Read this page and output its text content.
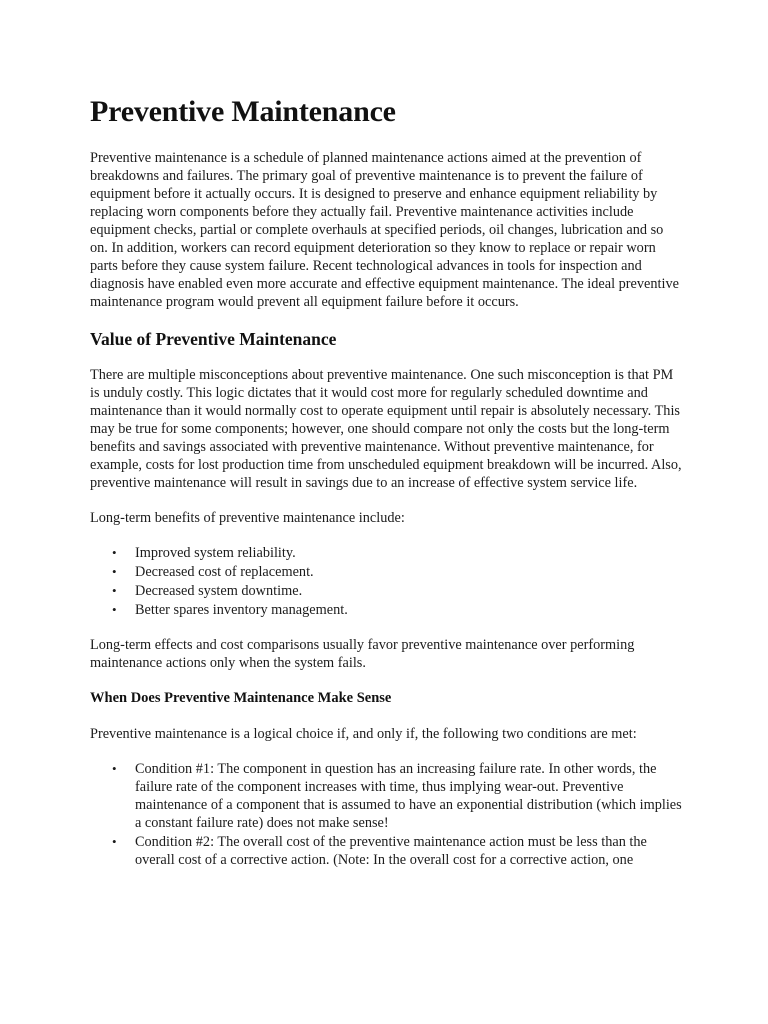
Preventive Maintenance

Preventive maintenance is a schedule of planned maintenance actions aimed at the prevention of breakdowns and failures. The primary goal of preventive maintenance is to prevent the failure of equipment before it actually occurs. It is designed to preserve and enhance equipment reliability by replacing worn components before they actually fail. Preventive maintenance activities include equipment checks, partial or complete overhauls at specified periods, oil changes, lubrication and so on. In addition, workers can record equipment deterioration so they know to replace or repair worn parts before they cause system failure. Recent technological advances in tools for inspection and diagnosis have enabled even more accurate and effective equipment maintenance. The ideal preventive maintenance program would prevent all equipment failure before it occurs.

Value of Preventive Maintenance

There are multiple misconceptions about preventive maintenance. One such misconception is that PM is unduly costly. This logic dictates that it would cost more for regularly scheduled downtime and maintenance than it would normally cost to operate equipment until repair is absolutely necessary. This may be true for some components; however, one should compare not only the costs but the long-term benefits and savings associated with preventive maintenance. Without preventive maintenance, for example, costs for lost production time from unscheduled equipment breakdown will be incurred. Also, preventive maintenance will result in savings due to an increase of effective system service life.

Long-term benefits of preventive maintenance include:

• Improved system reliability.
• Decreased cost of replacement.
• Decreased system downtime.
• Better spares inventory management.

Long-term effects and cost comparisons usually favor preventive maintenance over performing maintenance actions only when the system fails.

When Does Preventive Maintenance Make Sense

Preventive maintenance is a logical choice if, and only if, the following two conditions are met:

• Condition #1: The component in question has an increasing failure rate. In other words, the failure rate of the component increases with time, thus implying wear-out. Preventive maintenance of a component that is assumed to have an exponential distribution (which implies a constant failure rate) does not make sense!
• Condition #2: The overall cost of the preventive maintenance action must be less than the overall cost of a corrective action. (Note: In the overall cost for a corrective action, one
